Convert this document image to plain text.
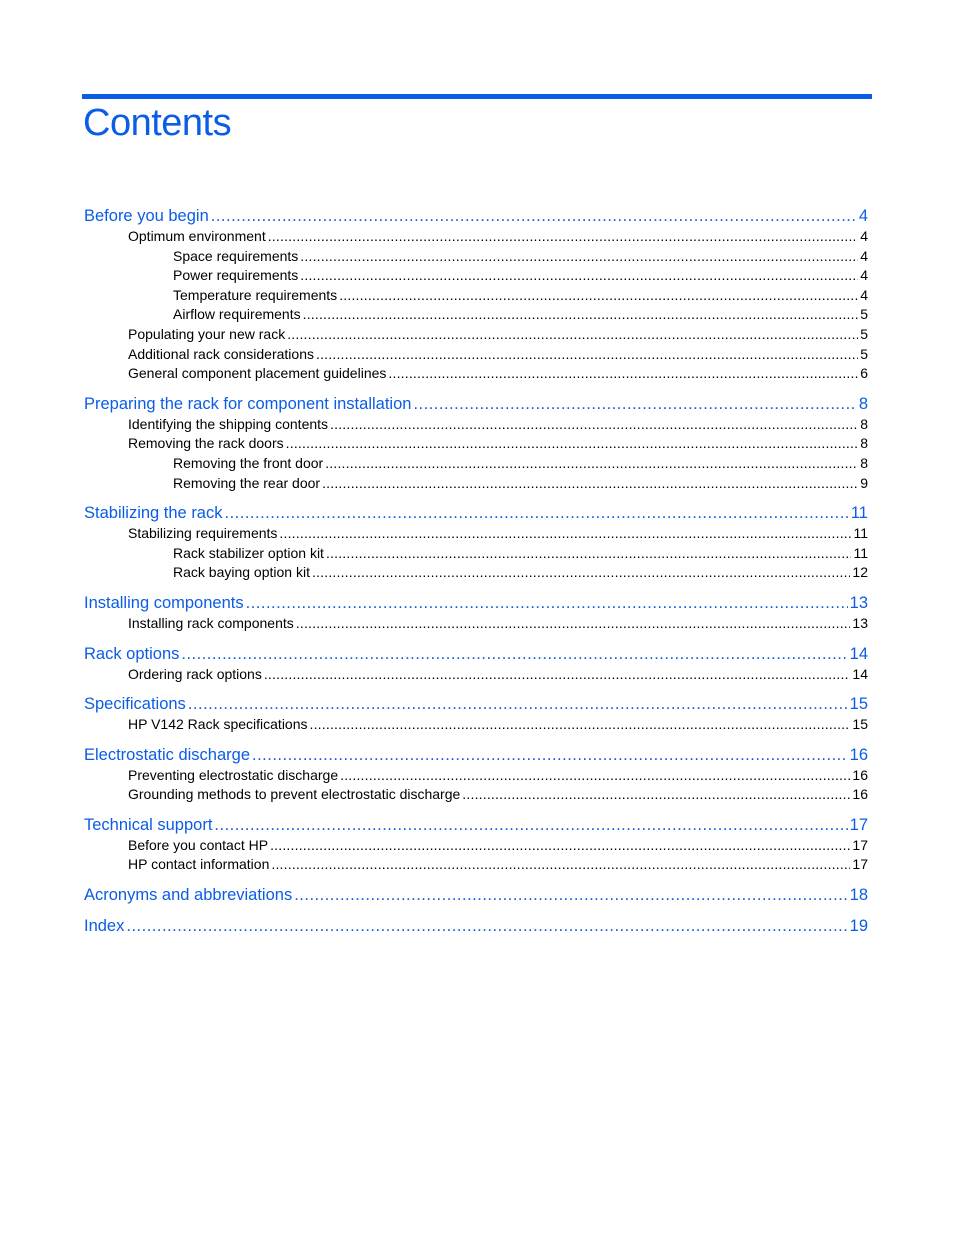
Contents
Before you begin .....	4
Optimum environment .....	4
Space requirements .....	4
Power requirements .....	4
Temperature requirements .....	4
Airflow requirements .....	5
Populating your new rack .....	5
Additional rack considerations .....	5
General component placement guidelines .....	6
Preparing the rack for component installation .....	8
Identifying the shipping contents .....	8
Removing the rack doors .....	8
Removing the front door .....	8
Removing the rear door .....	9
Stabilizing the rack .....	11
Stabilizing requirements .....	11
Rack stabilizer option kit .....	11
Rack baying option kit .....	12
Installing components .....	13
Installing rack components .....	13
Rack options .....	14
Ordering rack options .....	14
Specifications .....	15
HP V142 Rack specifications .....	15
Electrostatic discharge .....	16
Preventing electrostatic discharge .....	16
Grounding methods to prevent electrostatic discharge .....	16
Technical support .....	17
Before you contact HP .....	17
HP contact information .....	17
Acronyms and abbreviations .....	18
Index .....	19
